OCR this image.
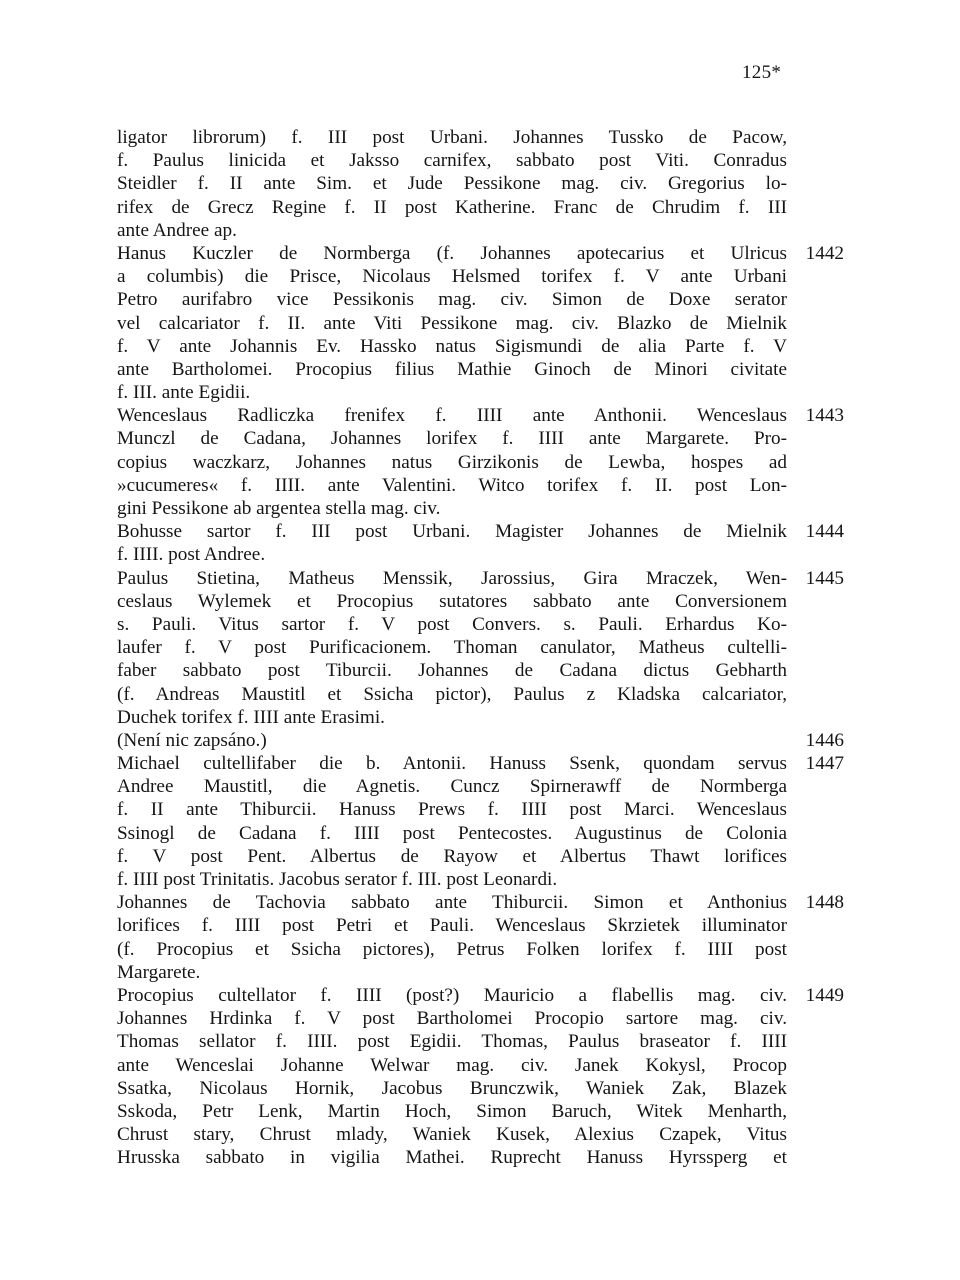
125*
ligator librorum) f. III post Urbani. Johannes Tussko de Pacow,
f. Paulus linicida et Jaksso carnifex, sabbato post Viti. Conradus
Steidler f. II ante Sim. et Jude Pessikone mag. civ. Gregorius lo-
rifex de Grecz Regine f. II post Katherine. Franc de Chrudim f. III
ante Andree ap.
Hanus Kuczler de Normberga (f. Johannes apotecarius et Ulricus 1442
a columbis) die Prisce, Nicolaus Helsmed torifex f. V ante Urbani
Petro aurifabro vice Pessikonis mag. civ. Simon de Doxe serator
vel calcariator f. II. ante Viti Pessikone mag. civ. Blazko de Mielnik
f. V ante Johannis Ev. Hassko natus Sigismundi de alia Parte f. V
ante Bartholomei. Procopius filius Mathie Ginoch de Minori civitate
f. III. ante Egidii.
Wenceslaus Radliczka frenifex f. IIII ante Anthonii. Wenceslaus 1443
Munczl de Cadana, Johannes lorifex f. IIII ante Margarete. Pro-
copius waczkarz, Johannes natus Girzikonis de Lewba, hospes ad
»cucumeres« f. IIII. ante Valentini. Witco torifex f. II. post Lon-
gini Pessikone ab argentea stella mag. civ.
Bohusse sartor f. III post Urbani. Magister Johannes de Mielnik 1444
f. IIII. post Andree.
Paulus Stietina, Matheus Menssik, Jarossius, Gira Mraczek, Wen- 1445
ceslaus Wylemek et Procopius sutatores sabbato ante Conversionem
s. Pauli. Vitus sartor f. V post Convers. s. Pauli. Erhardus Ko-
laufer f. V post Purificacionem. Thoman canulator, Matheus cultelli-
faber sabbato post Tiburcii. Johannes de Cadana dictus Gebharth
(f. Andreas Maustitl et Ssicha pictor), Paulus z Kladska calcariator,
Duchek torifex f. IIII ante Erasimi.
(Není nic zapsáno.)	1446
Michael cultellifaber die b. Antonii. Hanuss Ssenk, quondam servus 1447
Andree Maustitl, die Agnetis. Cuncz Spirnerawff de Normberga
f. II ante Thiburcii. Hanuss Prews f. IIII post Marci. Wenceslaus
Ssinogl de Cadana f. IIII post Pentecostes. Augustinus de Colonia
f. V post Pent. Albertus de Rayow et Albertus Thawt lorifices
f. IIII post Trinitatis. Jacobus serator f. III. post Leonardi.
Johannes de Tachovia sabbato ante Thiburcii. Simon et Anthonius 1448
lorifices f. IIII post Petri et Pauli. Wenceslaus Skrzietek illuminator
(f. Procopius et Ssicha pictores), Petrus Folken lorifex f. IIII post
Margarete.
Procopius cultellator f. IIII (post?) Mauricio a flabellis mag. civ. 1449
Johannes Hrdinka f. V post Bartholomei Procopio sartore mag. civ.
Thomas sellator f. IIII. post Egidii. Thomas, Paulus braseator f. IIII
ante Wenceslai Johanne Welwar mag. civ. Janek Kokysl, Procop
Ssatka, Nicolaus Hornik, Jacobus Brunczwik, Waniek Zak, Blazek
Sskoda, Petr Lenk, Martin Hoch, Simon Baruch, Witek Menharth,
Chrust stary, Chrust mlady, Waniek Kusek, Alexius Czapek, Vitus
Hrusska sabbato in vigilia Mathei. Ruprecht Hanuss Hyrssperg et
